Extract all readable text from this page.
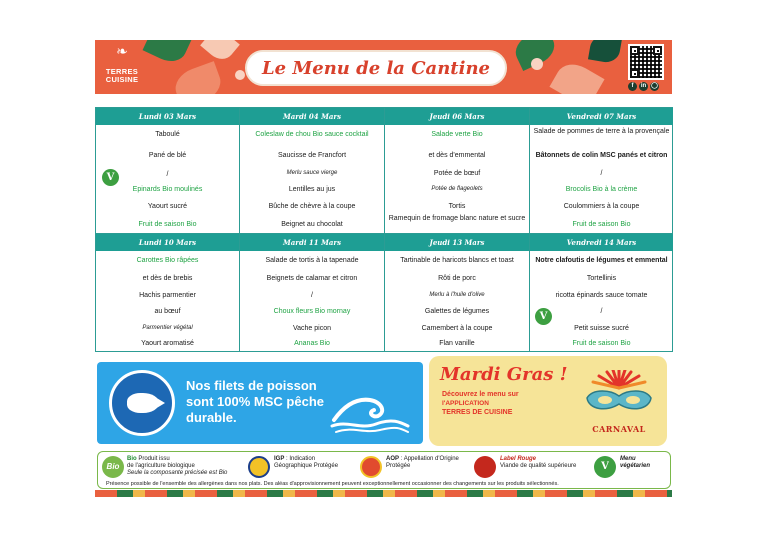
❧
TERRES
CUISINE
Le Menu de la Cantine
f	in ◯
Lundi 03 Mars
Taboulé
Pané de blé
/
V
Epinards Bio moulinés
Yaourt sucré
Fruit de saison Bio
Mardi 04 Mars
Coleslaw de chou Bio sauce cocktail
Saucisse de Francfort
Merlu sauce vierge
Lentilles au jus
Bûche de chèvre à la coupe
Beignet au chocolat
Jeudi 06 Mars
Salade verte Bio
et dès d'emmental
Potée de bœuf
Potée de flageolets
Tortis
Ramequin de fromage blanc nature et sucre
Vendredi 07 Mars
Salade de pommes de terre à la provençale
Bâtonnets de colin MSC panés et citron
/
Brocolis Bio à la crème
Coulommiers à la coupe
Fruit de saison Bio
Lundi 10 Mars
Carottes Bio râpées
et dès de brebis
Hachis parmentier
au bœuf
Parmentier végétal
Yaourt aromatisé
Mardi 11 Mars
Salade de tortis à la tapenade
Beignets de calamar et citron
/
Choux fleurs Bio mornay
Vache picon
Ananas Bio
Jeudi 13 Mars
Tartinable de haricots blancs et toast
Rôti de porc
Merlu à l'huile d'olive
Galettes de légumes
Camembert à la coupe
Flan vanille
Vendredi 14 Mars
Notre clafoutis de légumes et emmental
Tortellinis
ricotta épinards sauce tomate
/
V
Petit suisse sucré
Fruit de saison Bio
Nos filets de poisson sont 100% MSC pêche durable.
Mardi Gras !
Découvrez le menu sur
l'APPLICATION
TERRES DE CUISINE
CARNAVAL
Bio
Bio Produit issu
de l'agriculture biologique
Seule la composante précisée est Bio
IGP : Indication Géographique Protégée
AOP : Appellation d'Origine Protégée
Label Rouge
Viande de qualité supérieure	V
Menu
végétarien
Présence possible de l'ensemble des allergènes dans nos plats. Des aléas d'approvisionnement peuvent exceptionnellement occasionner des changements sur les produits sélectionnés.
